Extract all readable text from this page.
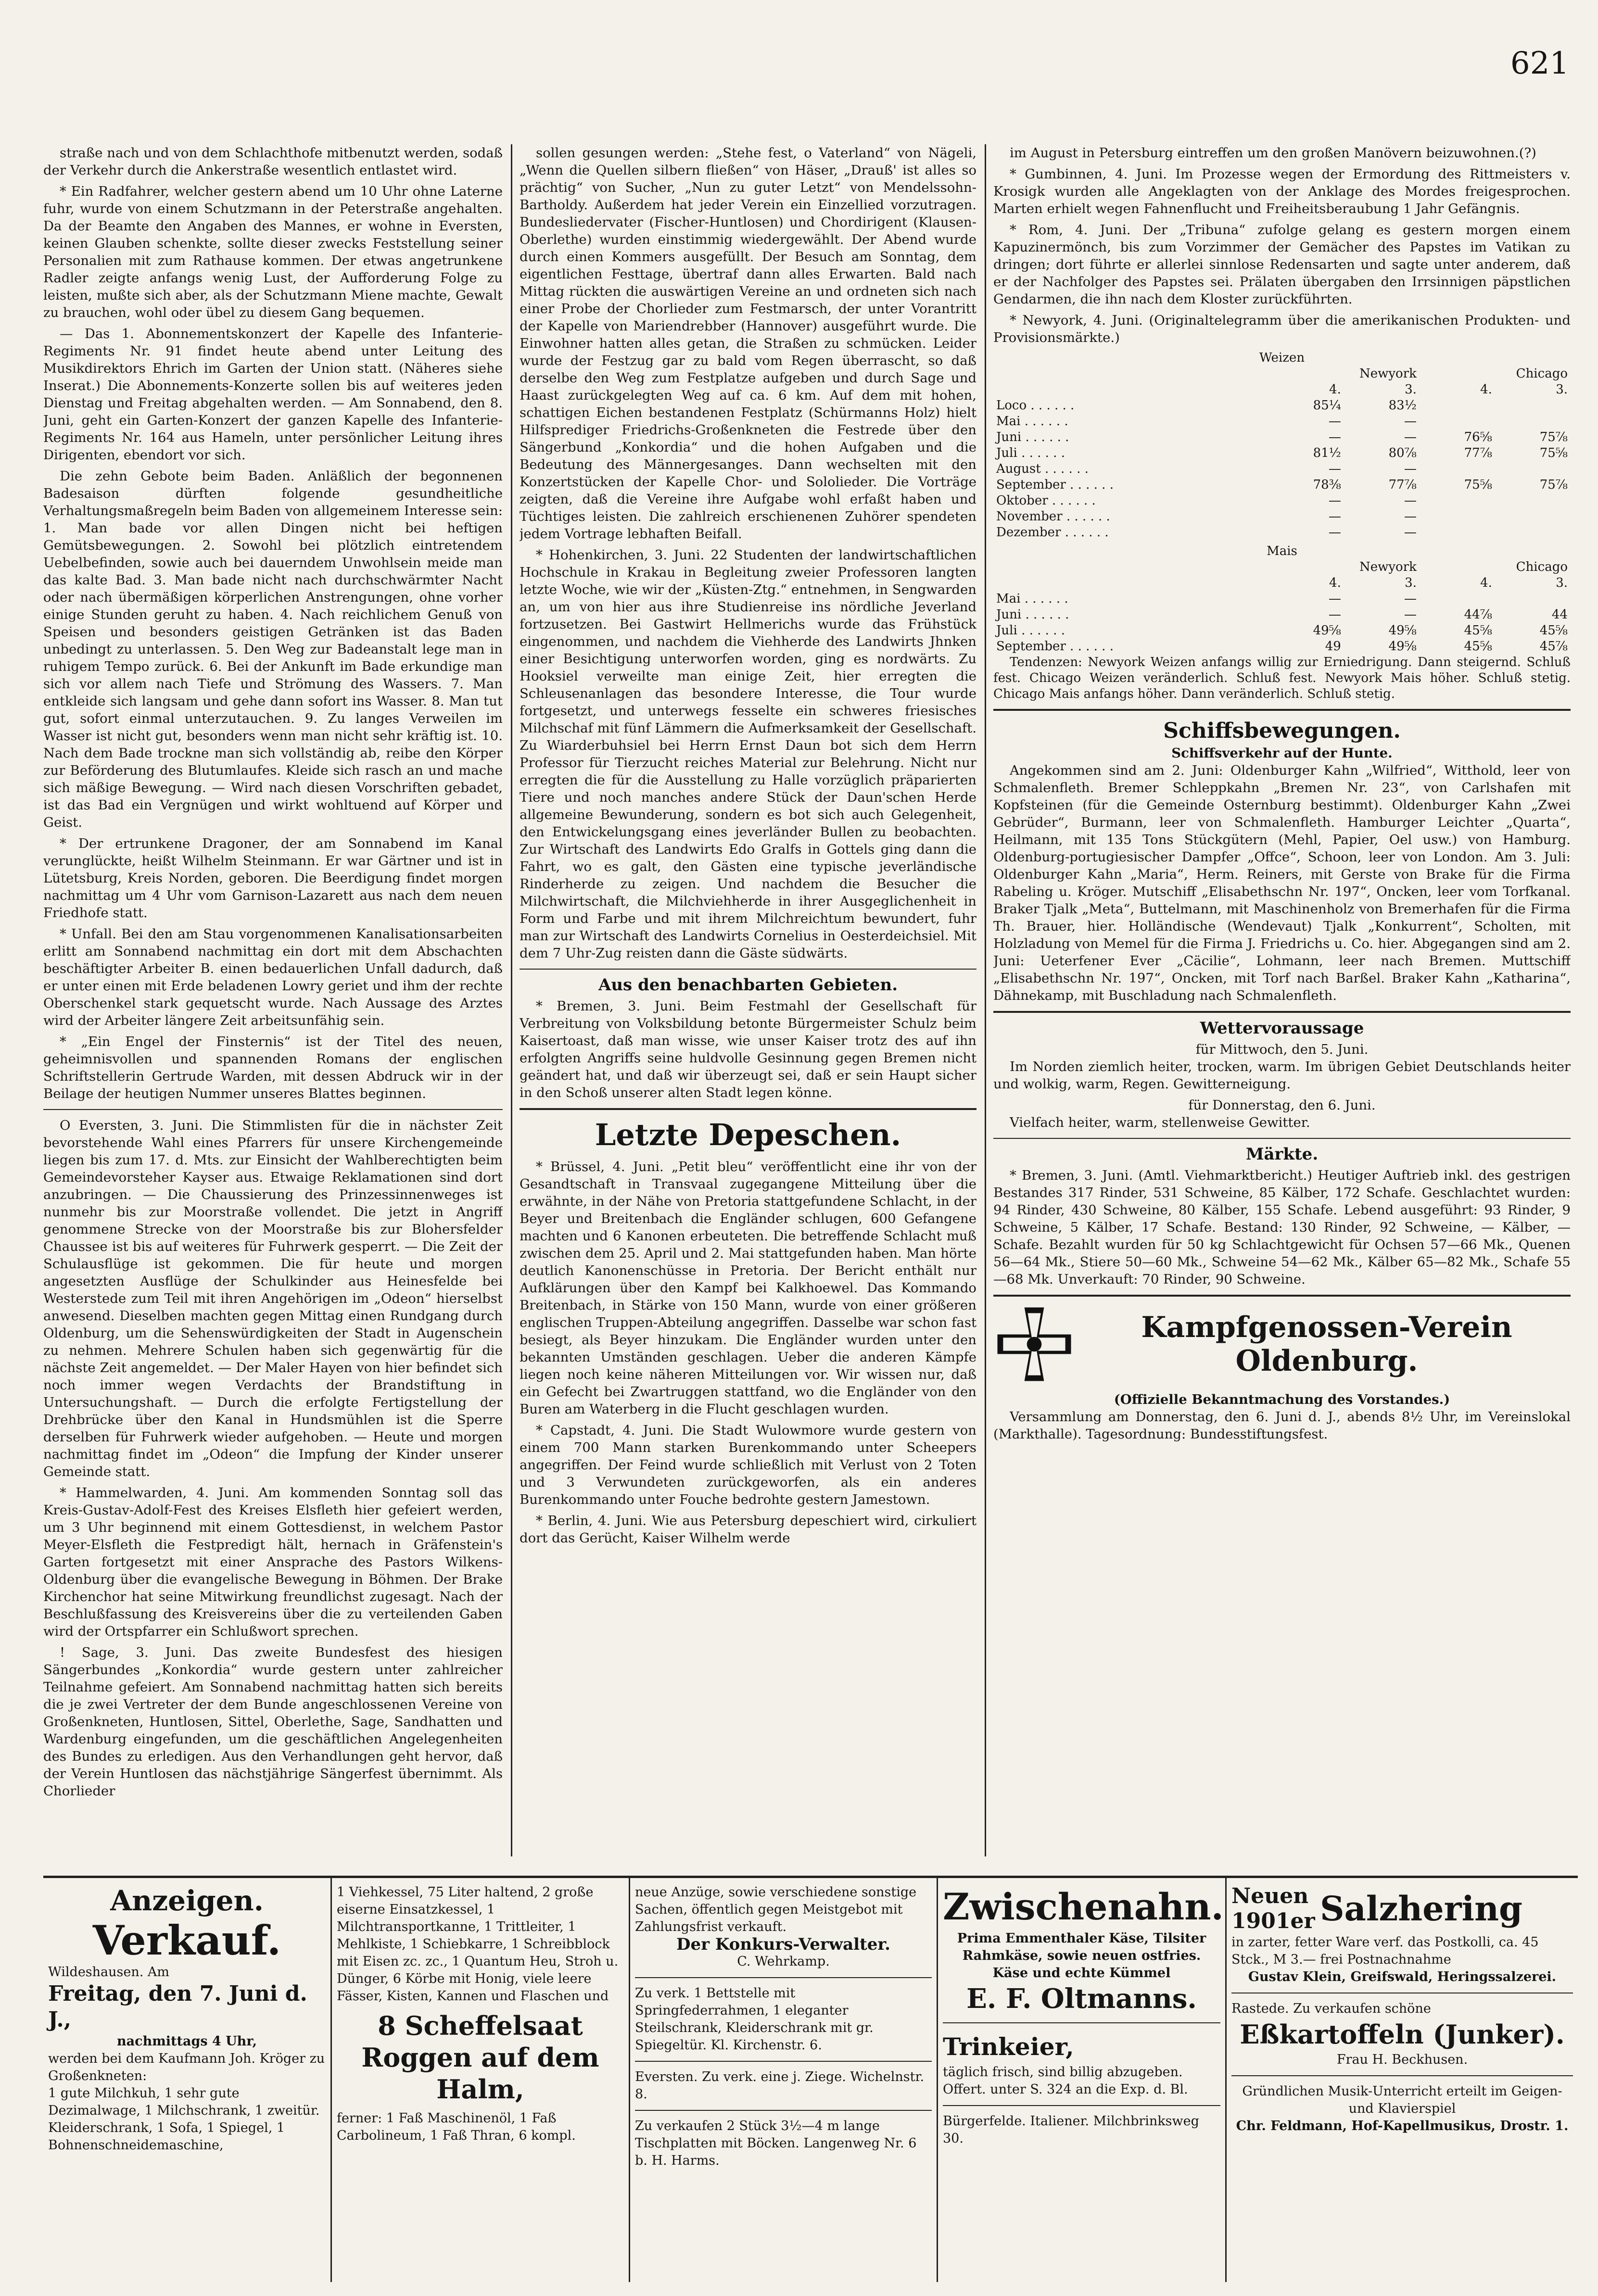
621

straße nach und von dem Schlachthofe mitbenutzt werden, sodaß der Verkehr durch die Ankerstraße wesentlich entlastet wird.

* Ein Radfahrer, welcher gestern abend um 10 Uhr ohne Laterne fuhr, wurde von einem Schutzmann in der Peterstraße angehalten. Da der Beamte den Angaben des Mannes, er wohne in Eversten, keinen Glauben schenkte, sollte dieser zwecks Feststellung seiner Personalien mit zum Rathause kommen. Der etwas angetrunkene Radler zeigte anfangs wenig Lust, der Aufforderung Folge zu leisten, mußte sich aber, als der Schutzmann Miene machte, Gewalt zu brauchen, wohl oder übel zu diesem Gang bequemen.

— Das 1. Abonnementskonzert der Kapelle des Infanterie-Regiments Nr. 91 findet heute abend unter Leitung des Musikdirektors Ehrich im Garten der Union statt. (Näheres siehe Inserat.) Die Abonnements-Konzerte sollen bis auf weiteres jeden Dienstag und Freitag abgehalten werden. — Am Sonnabend, den 8. Juni, geht ein Garten-Konzert der ganzen Kapelle des Infanterie-Regiments Nr. 164 aus Hameln, unter persönlicher Leitung ihres Dirigenten, ebendort vor sich.

Die zehn Gebote beim Baden. Anläßlich der begonnenen Badesaison dürften folgende gesundheitliche Verhaltungsmaßregeln beim Baden von allgemeinem Interesse sein: 1. Man bade vor allen Dingen nicht bei heftigen Gemütsbewegungen. 2. Sowohl bei plötzlich eintretendem Uebelbefinden, sowie auch bei dauerndem Unwohlsein meide man das kalte Bad. 3. Man bade nicht nach durchschwärmter Nacht oder nach übermäßigen körperlichen Anstrengungen, ohne vorher einige Stunden geruht zu haben. 4. Nach reichlichem Genuß von Speisen und besonders geistigen Getränken ist das Baden unbedingt zu unterlassen. 5. Den Weg zur Badeanstalt lege man in ruhigem Tempo zurück. 6. Bei der Ankunft im Bade erkundige man sich vor allem nach Tiefe und Strömung des Wassers. 7. Man entkleide sich langsam und gehe dann sofort ins Wasser. 8. Man tut gut, sofort einmal unterzutauchen. 9. Zu langes Verweilen im Wasser ist nicht gut, besonders wenn man nicht sehr kräftig ist. 10. Nach dem Bade trockne man sich vollständig ab, reibe den Körper zur Beförderung des Blutumlaufes. Kleide sich rasch an und mache sich mäßige Bewegung. — Wird nach diesen Vorschriften gebadet, ist das Bad ein Vergnügen und wirkt wohltuend auf Körper und Geist.

* Der ertrunkene Dragoner, der am Sonnabend im Kanal verunglückte, heißt Wilhelm Steinmann. Er war Gärtner und ist in Lütetsburg, Kreis Norden, geboren. Die Beerdigung findet morgen nachmittag um 4 Uhr vom Garnison-Lazarett aus nach dem neuen Friedhofe statt.

* Unfall. Bei den am Stau vorgenommenen Kanalisationsarbeiten erlitt am Sonnabend nachmittag ein dort mit dem Abschachten beschäftigter Arbeiter B. einen bedauerlichen Unfall dadurch, daß er unter einen mit Erde beladenen Lowry geriet und ihm der rechte Oberschenkel stark gequetscht wurde. Nach Aussage des Arztes wird der Arbeiter längere Zeit arbeitsunfähig sein.

* „Ein Engel der Finsternis“ ist der Titel des neuen, geheimnisvollen und spannenden Romans der englischen Schriftstellerin Gertrude Warden, mit dessen Abdruck wir in der Beilage der heutigen Nummer unseres Blattes beginnen.

O Eversten, 3. Juni. Die Stimmlisten für die in nächster Zeit bevorstehende Wahl eines Pfarrers für unsere Kirchengemeinde liegen bis zum 17. d. Mts. zur Einsicht der Wahlberechtigten beim Gemeindevorsteher Kayser aus. Etwaige Reklamationen sind dort anzubringen. — Die Chaussierung des Prinzessinnenweges ist nunmehr bis zur Moorstraße vollendet. Die jetzt in Angriff genommene Strecke von der Moorstraße bis zur Blohersfelder Chaussee ist bis auf weiteres für Fuhrwerk gesperrt. — Die Zeit der Schulausflüge ist gekommen. Die für heute und morgen angesetzten Ausflüge der Schulkinder aus Heinesfelde bei Westerstede zum Teil mit ihren Angehörigen im „Odeon“ hierselbst anwesend. Dieselben machten gegen Mittag einen Rundgang durch Oldenburg, um die Sehenswürdigkeiten der Stadt in Augenschein zu nehmen. Mehrere Schulen haben sich gegenwärtig für die nächste Zeit angemeldet. — Der Maler Hayen von hier befindet sich noch immer wegen Verdachts der Brandstiftung in Untersuchungshaft. — Durch die erfolgte Fertigstellung der Drehbrücke über den Kanal in Hundsmühlen ist die Sperre derselben für Fuhrwerk wieder aufgehoben. — Heute und morgen nachmittag findet im „Odeon“ die Impfung der Kinder unserer Gemeinde statt.

* Hammelwarden, 4. Juni. Am kommenden Sonntag soll das Kreis-Gustav-Adolf-Fest des Kreises Elsfleth hier gefeiert werden, um 3 Uhr beginnend mit einem Gottesdienst, in welchem Pastor Meyer-Elsfleth die Festpredigt hält, hernach in Gräfenstein's Garten fortgesetzt mit einer Ansprache des Pastors Wilkens-Oldenburg über die evangelische Bewegung in Böhmen. Der Brake Kirchenchor hat seine Mitwirkung freundlichst zugesagt. Nach der Beschlußfassung des Kreisvereins über die zu verteilenden Gaben wird der Ortspfarrer ein Schlußwort sprechen.

! Sage, 3. Juni. Das zweite Bundesfest des hiesigen Sängerbundes „Konkordia“ wurde gestern unter zahlreicher Teilnahme gefeiert. Am Sonnabend nachmittag hatten sich bereits die je zwei Vertreter der dem Bunde angeschlossenen Vereine von Großenkneten, Huntlosen, Sittel, Oberlethe, Sage, Sandhatten und Wardenburg eingefunden, um die geschäftlichen Angelegenheiten des Bundes zu erledigen. Aus den Verhandlungen geht hervor, daß der Verein Huntlosen das nächstjährige Sängerfest übernimmt. Als Chorlieder

sollen gesungen werden: „Stehe fest, o Vaterland“ von Nägeli, „Wenn die Quellen silbern fließen“ von Häser, „Drauß' ist alles so prächtig“ von Sucher, „Nun zu guter Letzt“ von Mendelssohn-Bartholdy. Außerdem hat jeder Verein ein Einzellied vorzutragen. Bundesliedervater (Fischer-Huntlosen) und Chordirigent (Klausen-Oberlethe) wurden einstimmig wiedergewählt. Der Abend wurde durch einen Kommers ausgefüllt. Der Besuch am Sonntag, dem eigentlichen Festtage, übertraf dann alles Erwarten. Bald nach Mittag rückten die auswärtigen Vereine an und ordneten sich nach einer Probe der Chorlieder zum Festmarsch, der unter Vorantritt der Kapelle von Mariendrebber (Hannover) ausgeführt wurde. Die Einwohner hatten alles getan, die Straßen zu schmücken. Leider wurde der Festzug gar zu bald vom Regen überrascht, so daß derselbe den Weg zum Festplatze aufgeben und durch Sage und Haast zurückgelegten Weg auf ca. 6 km. Auf dem mit hohen, schattigen Eichen bestandenen Festplatz (Schürmanns Holz) hielt Hilfsprediger Friedrichs-Großenkneten die Festrede über den Sängerbund „Konkordia“ und die hohen Aufgaben und die Bedeutung des Männergesanges. Dann wechselten mit den Konzertstücken der Kapelle Chor- und Sololieder. Die Vorträge zeigten, daß die Vereine ihre Aufgabe wohl erfaßt haben und Tüchtiges leisten. Die zahlreich erschienenen Zuhörer spendeten jedem Vortrage lebhaften Beifall.

* Hohenkirchen, 3. Juni. 22 Studenten der landwirtschaftlichen Hochschule in Krakau in Begleitung zweier Professoren langten letzte Woche, wie wir der „Küsten-Ztg.“ entnehmen, in Sengwarden an, um von hier aus ihre Studienreise ins nördliche Jeverland fortzusetzen. Bei Gastwirt Hellmerichs wurde das Frühstück eingenommen, und nachdem die Viehherde des Landwirts Jhnken einer Besichtigung unterworfen worden, ging es nordwärts. Zu Hooksiel verweilte man einige Zeit, hier erregten die Schleusenanlagen das besondere Interesse, die Tour wurde fortgesetzt, und unterwegs fesselte ein schweres friesisches Milchschaf mit fünf Lämmern die Aufmerksamkeit der Gesellschaft. Zu Wiarderbuhsiel bei Herrn Ernst Daun bot sich dem Herrn Professor für Tierzucht reiches Material zur Belehrung. Nicht nur erregten die für die Ausstellung zu Halle vorzüglich präparierten Tiere und noch manches andere Stück der Daun'schen Herde allgemeine Bewunderung, sondern es bot sich auch Gelegenheit, den Entwickelungsgang eines jeverländer Bullen zu beobachten. Zur Wirtschaft des Landwirts Edo Gralfs in Gottels ging dann die Fahrt, wo es galt, den Gästen eine typische jeverländische Rinderherde zu zeigen. Und nachdem die Besucher die Milchwirtschaft, die Milchviehherde in ihrer Ausgeglichenheit in Form und Farbe und mit ihrem Milchreichtum bewundert, fuhr man zur Wirtschaft des Landwirts Cornelius in Oesterdeichsiel. Mit dem 7 Uhr-Zug reisten dann die Gäste südwärts.

Aus den benachbarten Gebieten.

* Bremen, 3. Juni. Beim Festmahl der Gesellschaft für Verbreitung von Volksbildung betonte Bürgermeister Schulz beim Kaisertoast, daß man wisse, wie unser Kaiser trotz des auf ihn erfolgten Angriffs seine huldvolle Gesinnung gegen Bremen nicht geändert hat, und daß wir überzeugt sei, daß er sein Haupt sicher in den Schoß unserer alten Stadt legen könne.

Letzte Depeschen.

* Brüssel, 4. Juni. „Petit bleu“ veröffentlicht eine ihr von der Gesandtschaft in Transvaal zugegangene Mitteilung über die erwähnte, in der Nähe von Pretoria stattgefundene Schlacht, in der Beyer und Breitenbach die Engländer schlugen, 600 Gefangene machten und 6 Kanonen erbeuteten. Die betreffende Schlacht muß zwischen dem 25. April und 2. Mai stattgefunden haben. Man hörte deutlich Kanonenschüsse in Pretoria. Der Bericht enthält nur Aufklärungen über den Kampf bei Kalkhoewel. Das Kommando Breitenbach, in Stärke von 150 Mann, wurde von einer größeren englischen Truppen-Abteilung angegriffen. Dasselbe war schon fast besiegt, als Beyer hinzukam. Die Engländer wurden unter den bekannten Umständen geschlagen. Ueber die anderen Kämpfe liegen noch keine näheren Mitteilungen vor. Wir wissen nur, daß ein Gefecht bei Zwartruggen stattfand, wo die Engländer von den Buren am Waterberg in die Flucht geschlagen wurden.

* Capstadt, 4. Juni. Die Stadt Wulowmore wurde gestern von einem 700 Mann starken Burenkommando unter Scheepers angegriffen. Der Feind wurde schließlich mit Verlust von 2 Toten und 3 Verwundeten zurückgeworfen, als ein anderes Burenkommando unter Fouche bedrohte gestern Jamestown.

* Berlin, 4. Juni. Wie aus Petersburg depeschiert wird, cirkuliert dort das Gerücht, Kaiser Wilhelm werde

im August in Petersburg eintreffen um den großen Manövern beizuwohnen.(?)

* Gumbinnen, 4. Juni. Im Prozesse wegen der Ermordung des Rittmeisters v. Krosigk wurden alle Angeklagten von der Anklage des Mordes freigesprochen. Marten erhielt wegen Fahnenflucht und Freiheitsberaubung 1 Jahr Gefängnis.

* Rom, 4. Juni. Der „Tribuna“ zufolge gelang es gestern morgen einem Kapuzinermönch, bis zum Vorzimmer der Gemächer des Papstes im Vatikan zu dringen; dort führte er allerlei sinnlose Redensarten und sagte unter anderem, daß er der Nachfolger des Papstes sei. Prälaten übergaben den Irrsinnigen päpstlichen Gendarmen, die ihn nach dem Kloster zurückführten.

* Newyork, 4. Juni. (Originaltelegramm über die amerikanischen Produkten- und Provisionsmärkte.)

Weizen
	Newyork		Chicago	
	4.	3.	4.	3.
Loco . . . . . .	85¼	83½		
Mai . . . . . .	—	—		
Juni . . . . . .	—	—	76⅝	75⅞
Juli . . . . . .	81½	80⅞	77⅞	75⅝
August . . . . . .	—	—		
September . . . . . .	78⅜	77⅞	75⅝	75⅞
Oktober . . . . . .	—	—		
November . . . . . .	—	—		
Dezember . . . . . .	—	—		
Mais
	Newyork		Chicago	
	4.	3.	4.	3.
Mai . . . . . .	—	—		
Juni . . . . . .	—	—	44⅞	44
Juli . . . . . .	49⅝	49⅝	45⅝	45⅝
September . . . . . .	49	49⅝	45⅝	45⅞

Tendenzen: Newyork Weizen anfangs willig zur Erniedrigung. Dann steigernd. Schluß fest. Chicago Weizen veränderlich. Schluß fest. Newyork Mais höher. Schluß stetig. Chicago Mais anfangs höher. Dann veränderlich. Schluß stetig.

Schiffsbewegungen.
Schiffsverkehr auf der Hunte.

Angekommen sind am 2. Juni: Oldenburger Kahn „Wilfried“, Witthold, leer von Schmalenfleth. Bremer Schleppkahn „Bremen Nr. 23“, von Carlshafen mit Kopfsteinen (für die Gemeinde Osternburg bestimmt). Oldenburger Kahn „Zwei Gebrüder“, Burmann, leer von Schmalenfleth. Hamburger Leichter „Quarta“, Heilmann, mit 135 Tons Stückgütern (Mehl, Papier, Oel usw.) von Hamburg. Oldenburg-portugiesischer Dampfer „Offce“, Schoon, leer von London. Am 3. Juli: Oldenburger Kahn „Maria“, Herm. Reiners, mit Gerste von Brake für die Firma Rabeling u. Kröger. Mutschiff „Elisabethschn Nr. 197“, Oncken, leer vom Torfkanal. Braker Tjalk „Meta“, Buttelmann, mit Maschinenholz von Bremerhafen für die Firma Th. Brauer, hier. Holländische (Wendevaut) Tjalk „Konkurrent“, Scholten, mit Holzladung von Memel für die Firma J. Friedrichs u. Co. hier. Abgegangen sind am 2. Juni: Ueterfener Ever „Cäcilie“, Lohmann, leer nach Bremen. Muttschiff „Elisabethschn Nr. 197“, Oncken, mit Torf nach Barßel. Braker Kahn „Katharina“, Dähnekamp, mit Buschladung nach Schmalenfleth.

Wettervoraussage
für Mittwoch, den 5. Juni.

Im Norden ziemlich heiter, trocken, warm. Im übrigen Gebiet Deutschlands heiter und wolkig, warm, Regen. Gewitterneigung.

für Donnerstag, den 6. Juni.

Vielfach heiter, warm, stellenweise Gewitter.

Märkte.

* Bremen, 3. Juni. (Amtl. Viehmarktbericht.) Heutiger Auftrieb inkl. des gestrigen Bestandes 317 Rinder, 531 Schweine, 85 Kälber, 172 Schafe. Geschlachtet wurden: 94 Rinder, 430 Schweine, 80 Kälber, 155 Schafe. Lebend ausgeführt: 93 Rinder, 9 Schweine, 5 Kälber, 17 Schafe. Bestand: 130 Rinder, 92 Schweine, — Kälber, — Schafe. Bezahlt wurden für 50 kg Schlachtgewicht für Ochsen 57—66 Mk., Quenen 56—64 Mk., Stiere 50—60 Mk., Schweine 54—62 Mk., Kälber 65—82 Mk., Schafe 55—68 Mk. Unverkauft: 70 Rinder, 90 Schweine.

Kampfgenossen-Verein
Oldenburg.
(Offizielle Bekanntmachung des Vorstandes.)

Versammlung am Donnerstag, den 6. Juni d. J., abends 8½ Uhr, im Vereinslokal (Markthalle). Tagesordnung: Bundesstiftungsfest.

Anzeigen.
Verkauf.
Wildeshausen. Am
Freitag, den 7. Juni d. J.,
nachmittags 4 Uhr,
werden bei dem Kaufmann Joh. Kröger zu Großenkneten:
1 gute Milchkuh, 1 sehr gute Dezimalwage, 1 Milchschrank, 1 zweitür. Kleiderschrank, 1 Sofa, 1 Spiegel, 1 Bohnenschneidemaschine,
1 Viehkessel, 75 Liter haltend, 2 große eiserne Einsatzkessel, 1 Milchtransportkanne, 1 Trittleiter, 1 Mehlkiste, 1 Schiebkarre, 1 Schreibblock mit Eisen zc. zc., 1 Quantum Heu, Stroh u. Dünger, 6 Körbe mit Honig, viele leere Fässer, Kisten, Kannen und Flaschen und
8 Scheffelsaat Roggen auf dem Halm,
ferner: 1 Faß Maschinenöl, 1 Faß Carbolineum, 1 Faß Thran, 6 kompl.
neue Anzüge, sowie verschiedene sonstige Sachen, öffentlich gegen Meistgebot mit Zahlungsfrist verkauft.
Der Konkurs-Verwalter.
C. Wehrkamp.
Zu verk. 1 Bettstelle mit Springfederrahmen, 1 eleganter Steilschrank, Kleiderschrank mit gr. Spiegeltür. Kl. Kirchenstr. 6.
Eversten. Zu verk. eine j. Ziege. Wichelnstr. 8.
Zu verkaufen 2 Stück 3½—4 m lange Tischplatten mit Böcken. Langenweg Nr. 6 b. H. Harms.
Zwischenahn.
Prima Emmenthaler Käse, Tilsiter Rahmkäse, sowie neuen ostfries. Käse und echte Kümmel
E. F. Oltmanns.
Trinkeier,
täglich frisch, sind billig abzugeben. Offert. unter S. 324 an die Exp. d. Bl.
Bürgerfelde. Italiener. Milchbrinksweg 30.
Neuen 1901er Salzhering
in zarter, fetter Ware verf. das Postkolli, ca. 45 Stck., M 3.— frei Postnachnahme
Gustav Klein, Greifswald, Heringssalzerei.
Rastede. Zu verkaufen schöne
Eßkartoffeln (Junker).
Frau H. Beckhusen.
Gründlichen Musik-Unterricht erteilt im Geigen- und Klavierspiel
Chr. Feldmann, Hof-Kapellmusikus, Drostr. 1.
